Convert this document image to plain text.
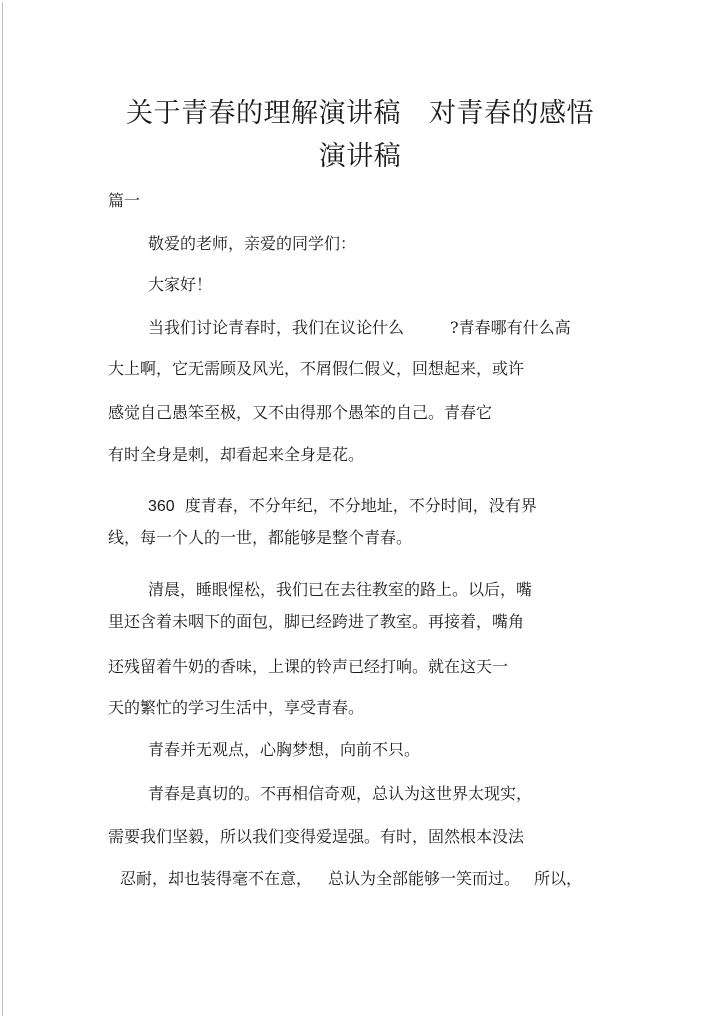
关于青春的理解演讲稿 对青春的感悟
演讲稿

篇一

敬爱的老师，亲爱的同学们：

大家好！

当我们讨论青春时，我们在议论什么	?青春哪有什么高

大上啊，它无需顾及风光，不屑假仁假义，回想起来，或许

感觉自己愚笨至极，又不由得那个愚笨的自己。青春它

有时全身是刺，却看起来全身是花。

360 度青春，不分年纪，不分地址，不分时间，没有界

线，每一个人的一世，都能够是整个青春。

清晨，睡眼惺松，我们已在去往教室的路上。以后，嘴

里还含着未咽下的面包，脚已经跨进了教室。再接着，嘴角

还残留着牛奶的香味，上课的铃声已经打响。就在这天一

天的繁忙的学习生活中，享受青春。

青春并无观点，心胸梦想，向前不只。

青春是真切的。不再相信奇观，总认为这世界太现实，

需要我们坚毅，所以我们变得爱逞强。有时，固然根本没法

忍耐，却也装得毫不在意， 总认为全部能够一笑而过。 所以，
